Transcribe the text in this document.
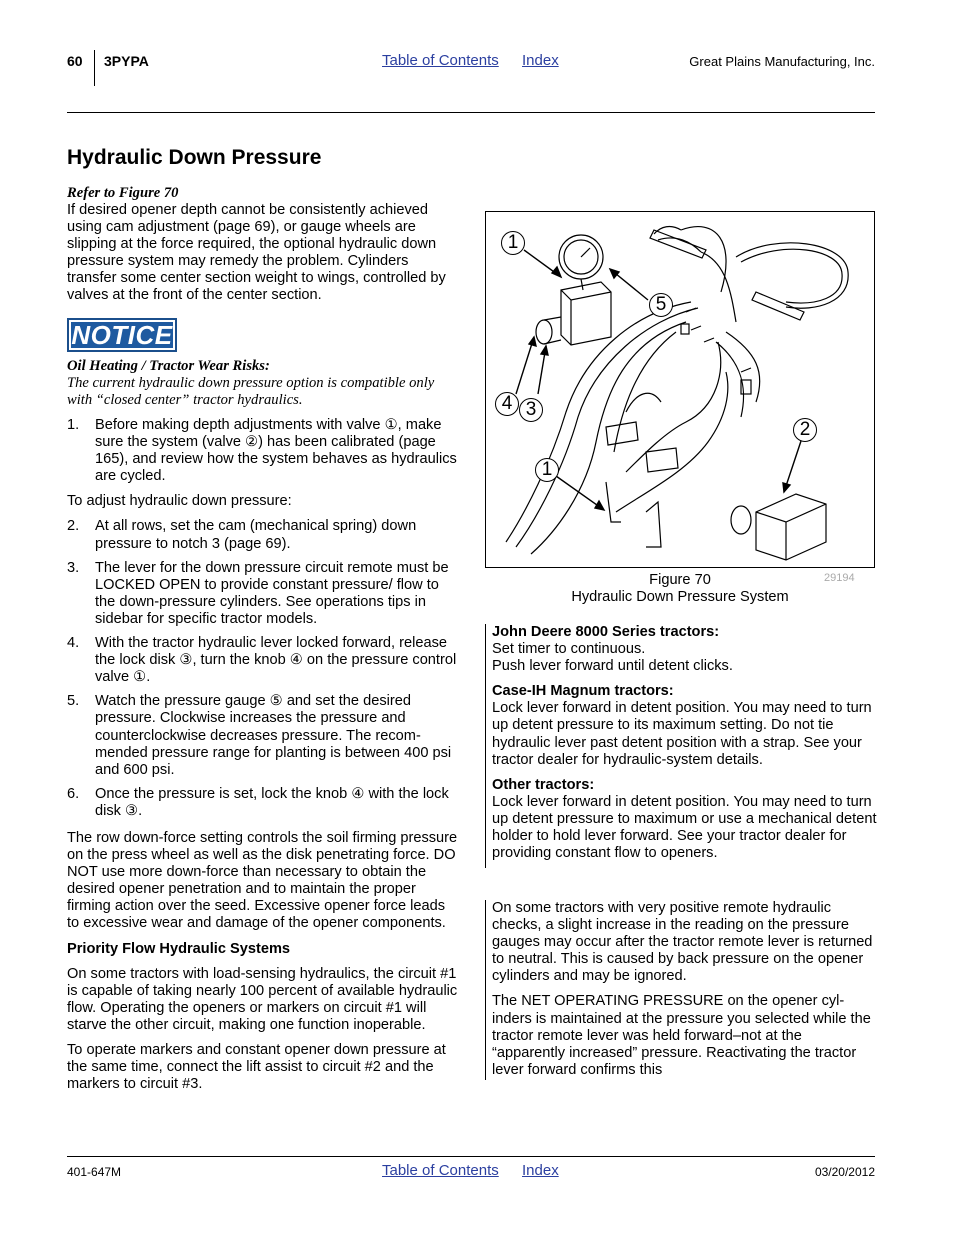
60 3PYPA	Table of Contents Index	Great Plains Manufacturing, Inc.
Hydraulic Down Pressure
Refer to Figure 70

If desired opener depth cannot be consistently achieved using cam adjustment (page 69), or gauge wheels are slipping at the force required, the optional hydraulic down pressure system may remedy the problem. Cylinders transfer some center section weight to wings, controlled by valves at the front of the center section.

NOTICE
Oil Heating / Tractor Wear Risks:
The current hydraulic down pressure option is compatible only with “closed center” tractor hydraulics.
1. Before making depth adjustments with valve ①, make sure the system (valve ②) has been calibrated (page 165), and review how the system behaves as hydraulics are cycled.

To adjust hydraulic down pressure:

2. At all rows, set the cam (mechanical spring) down pressure to notch 3 (page 69).
3. The lever for the down pressure circuit remote must be LOCKED OPEN to provide constant pressure/ flow to the down-pressure cylinders. See operations tips in sidebar for specific tractor models.
4. With the tractor hydraulic lever locked forward, release the lock disk ③, turn the knob ④ on the pressure control valve ①.
5. Watch the pressure gauge ⑤ and set the desired pressure. Clockwise increases the pressure and counterclockwise decreases pressure. The recommended pressure range for planting is between 400 psi and 600 psi.
6. Once the pressure is set, lock the knob ④ with the lock disk ③.

The row down-force setting controls the soil firming pressure on the press wheel as well as the disk penetrating force. DO NOT use more down-force than necessary to obtain the desired opener penetration and to maintain the proper firming action over the seed. Excessive opener force leads to excessive wear and damage of the opener components.

Priority Flow Hydraulic Systems

On some tractors with load-sensing hydraulics, the circuit #1 is capable of taking nearly 100 percent of available hydraulic flow. Operating the openers or markers on circuit #1 will starve the other circuit, making one function inoperable.

To operate markers and constant opener down pressure at the same time, connect the lift assist to circuit #2 and the markers to circuit #3.

1
5
4 3
2
1
Figure 70
Hydraulic Down Pressure System
29194

John Deere 8000 Series tractors:

Set timer to continuous.

Push lever forward until detent clicks.

Case-IH Magnum tractors:

Lock lever forward in detent position. You may need to turn up detent pressure to its maximum setting. Do not tie hydraulic lever past detent position with a strap. See your tractor dealer for hydraulic-system details.

Other tractors:

Lock lever forward in detent position. You may need to turn up detent pressure to maximum or use a mechanical detent holder to hold lever forward. See your tractor dealer for providing constant flow to openers.

On some tractors with very positive remote hydraulic checks, a slight increase in the reading on the pressure gauges may occur after the tractor remote lever is returned to neutral. This is caused by back pressure on the opener cylinders and may be ignored.

The NET OPERATING PRESSURE on the opener cylinders is maintained at the pressure you selected while the tractor remote lever was held forward–not at the “apparently increased” pressure. Reactivating the tractor lever forward confirms this

401-647M	Table of Contents Index	03/20/2012
